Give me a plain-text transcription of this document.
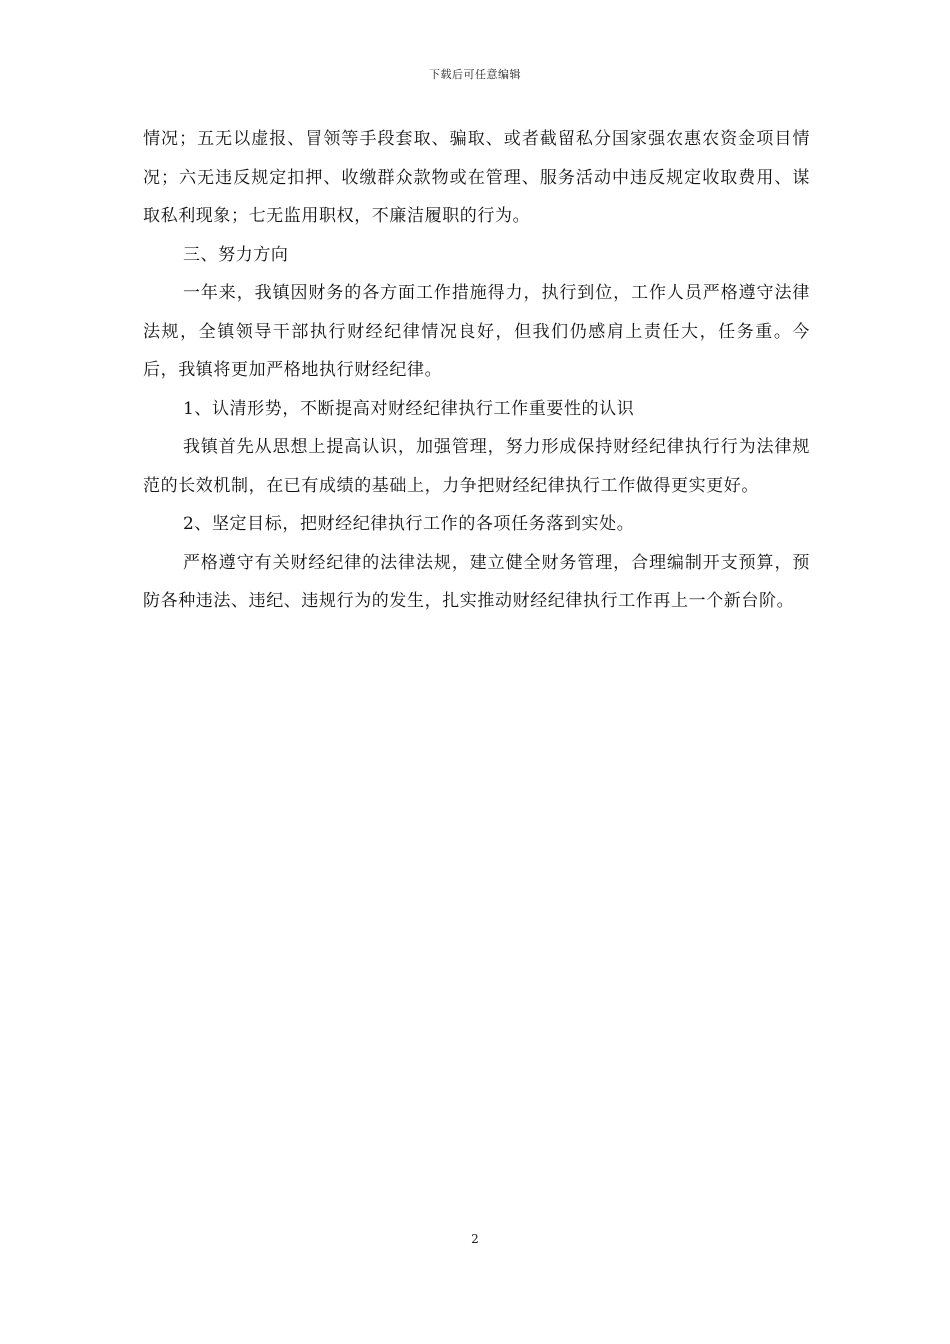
下载后可任意编辑

情况；五无以虚报、冒领等手段套取、骗取、或者截留私分国家强农惠农资金项目情况；六无违反规定扣押、收缴群众款物或在管理、服务活动中违反规定收取费用、谋取私利现象；七无监用职权，不廉洁履职的行为。

三、努力方向

一年来，我镇因财务的各方面工作措施得力，执行到位，工作人员严格遵守法律法规，全镇领导干部执行财经纪律情况良好，但我们仍感肩上责任大，任务重。今后，我镇将更加严格地执行财经纪律。

1、认清形势，不断提高对财经纪律执行工作重要性的认识

我镇首先从思想上提高认识，加强管理，努力形成保持财经纪律执行行为法律规范的长效机制，在已有成绩的基础上，力争把财经纪律执行工作做得更实更好。

2、坚定目标，把财经纪律执行工作的各项任务落到实处。

严格遵守有关财经纪律的法律法规，建立健全财务管理，合理编制开支预算，预防各种违法、违纪、违规行为的发生，扎实推动财经纪律执行工作再上一个新台阶。

2
